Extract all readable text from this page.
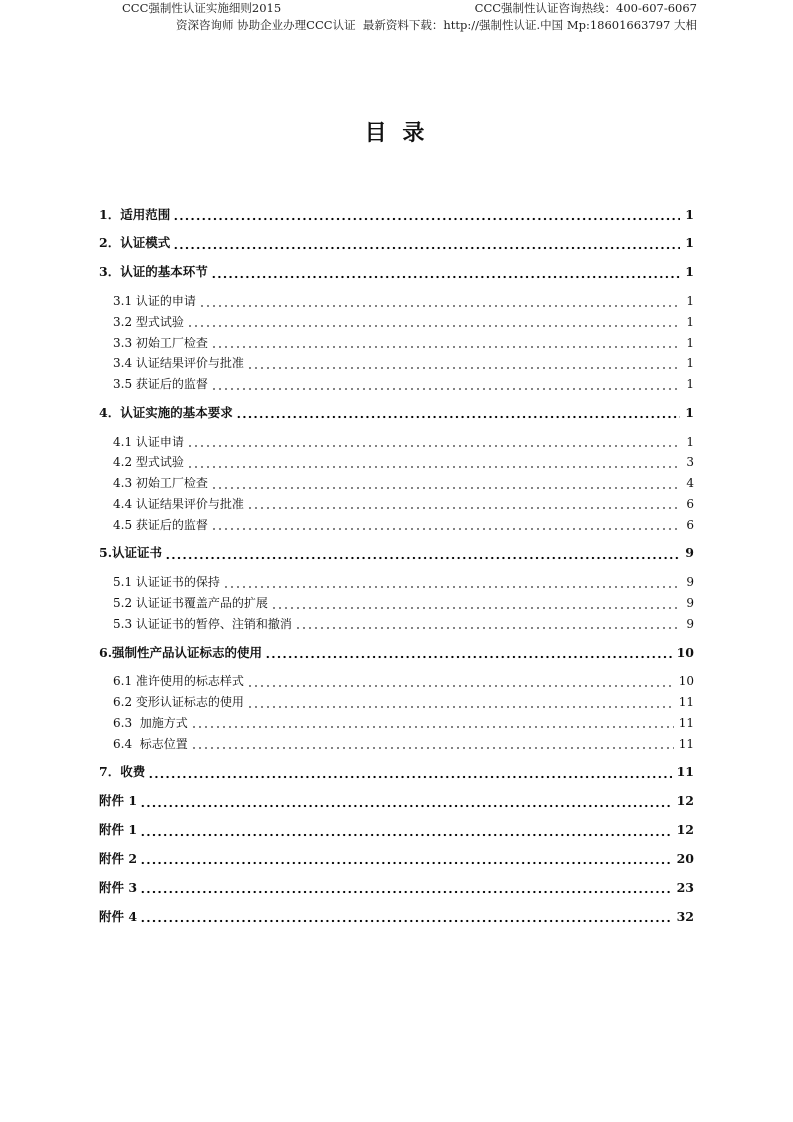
CCC强制性认证实施细则2015	CCC强制性认证咨询热线：400-607-6067
资深咨询师 协助企业办理CCC认证  最新资料下载：http://强制性认证.中国 Mp:18601663797 大相
目 录
1．适用范围	1
2．认证模式	1
3．认证的基本环节	1
3.1 认证的申请	1
3.2 型式试验	1
3.3 初始工厂检查	1
3.4 认证结果评价与批准	1
3.5 获证后的监督	1
4．认证实施的基本要求	1
4.1 认证申请	1
4.2 型式试验	3
4.3 初始工厂检查	4
4.4 认证结果评价与批准	6
4.5 获证后的监督	6
5.认证证书	9
5.1 认证证书的保持	9
5.2 认证证书覆盖产品的扩展	9
5.3 认证证书的暂停、注销和撤消	9
6.强制性产品认证标志的使用	10
6.1 准许使用的标志样式	10
6.2 变形认证标志的使用	11
6.3  加施方式	11
6.4  标志位置	11
7．收费	11
附件 1	12
附件 1	12
附件 2	20
附件 3	23
附件 4	32
